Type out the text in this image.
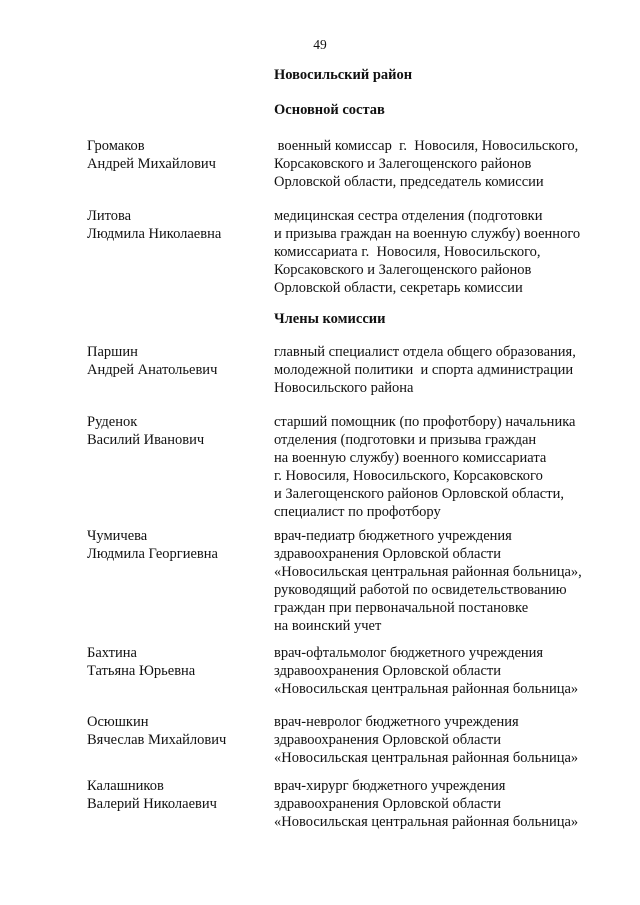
49
Новосильский район
Основной состав
Громаков
Андрей Михайлович
военный комиссар  г.  Новосиля, Новосильского,
Корсаковского и Залегощенского районов
Орловской области, председатель комиссии
Литова
Людмила Николаевна
медицинская сестра отделения (подготовки
и призыва граждан на военную службу) военного
комиссариата г.  Новосиля, Новосильского,
Корсаковского и Залегощенского районов
Орловской области, секретарь комиссии
Члены комиссии
Паршин
Андрей Анатольевич
главный специалист отдела общего образования,
молодежной политики  и спорта администрации
Новосильского района
Руденок
Василий Иванович
старший помощник (по профотбору) начальника
отделения (подготовки и призыва граждан
на военную службу) военного комиссариата
г. Новосиля, Новосильского, Корсаковского
и Залегощенского районов Орловской области,
специалист по профотбору
Чумичева
Людмила Георгиевна
врач-педиатр бюджетного учреждения
здравоохранения Орловской области
«Новосильская центральная районная больница»,
руководящий работой по освидетельствованию
граждан при первоначальной постановке
на воинский учет
Бахтина
Татьяна Юрьевна
врач-офтальмолог бюджетного учреждения
здравоохранения Орловской области
«Новосильская центральная районная больница»
Осюшкин
Вячеслав Михайлович
врач-невролог бюджетного учреждения
здравоохранения Орловской области
«Новосильская центральная районная больница»
Калашников
Валерий Николаевич
врач-хирург бюджетного учреждения
здравоохранения Орловской области
«Новосильская центральная районная больница»
